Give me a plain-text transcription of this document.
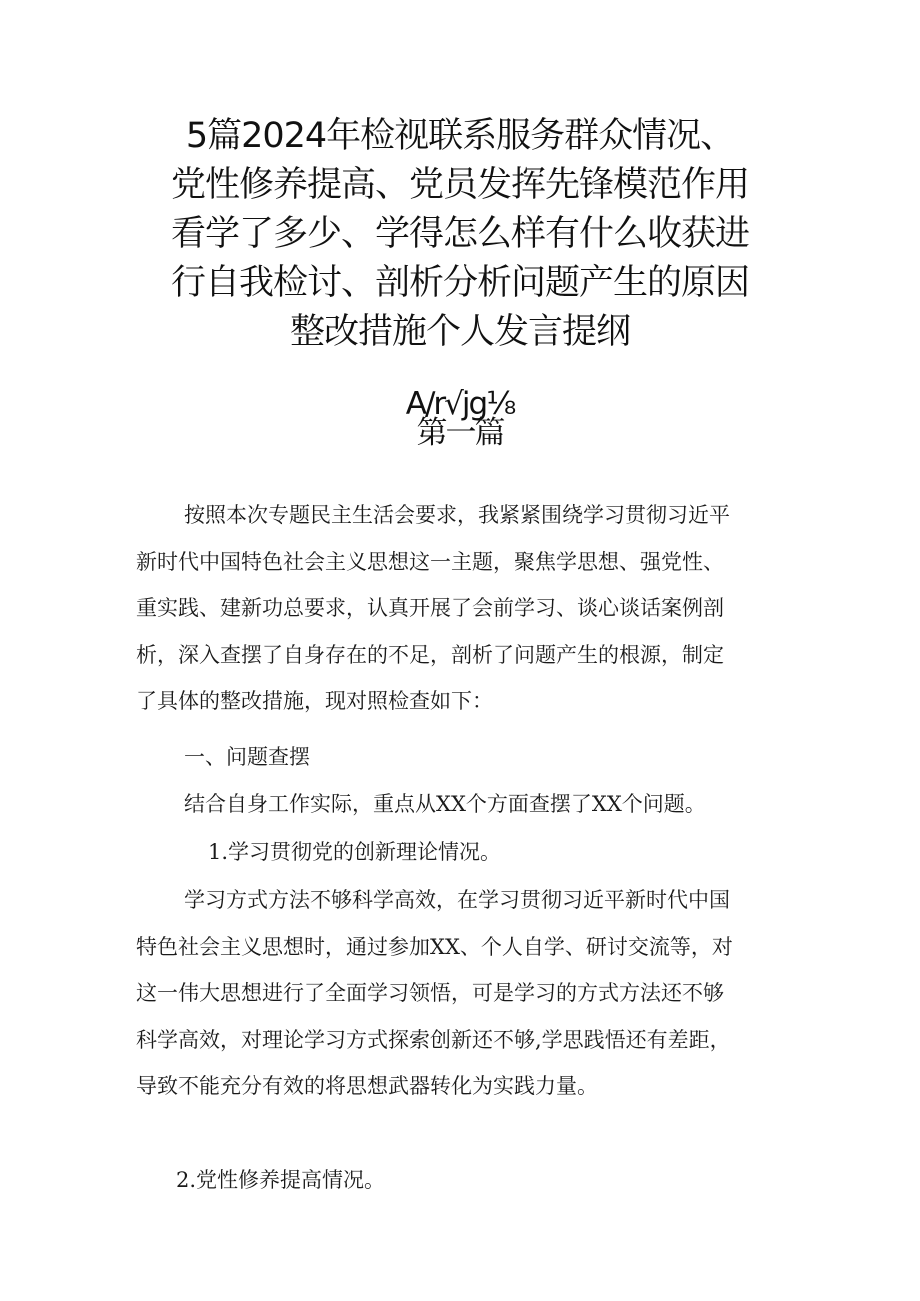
5篇2024年检视联系服务群众情况、
党性修养提高、党员发挥先锋模范作用
看学了多少、学得怎么样有什么收获进
行自我检讨、剖析分析问题产生的原因
整改措施个人发言提纲
A/r√jg⅛
第一篇
按照本次专题民主生活会要求，我紧紧围绕学习贯彻习近平
新时代中国特色社会主义思想这一主题，聚焦学思想、强党性、
重实践、建新功总要求，认真开展了会前学习、谈心谈话案例剖
析，深入查摆了自身存在的不足，剖析了问题产生的根源，制定
了具体的整改措施，现对照检查如下：
一、问题查摆
结合自身工作实际，重点从XX个方面查摆了XX个问题。
1.学习贯彻党的创新理论情况。
学习方式方法不够科学高效，在学习贯彻习近平新时代中国
特色社会主义思想时，通过参加XX、个人自学、研讨交流等，对
这一伟大思想进行了全面学习领悟，可是学习的方式方法还不够
科学高效，对理论学习方式探索创新还不够,学思践悟还有差距，
导致不能充分有效的将思想武器转化为实践力量。
2.党性修养提高情况。
